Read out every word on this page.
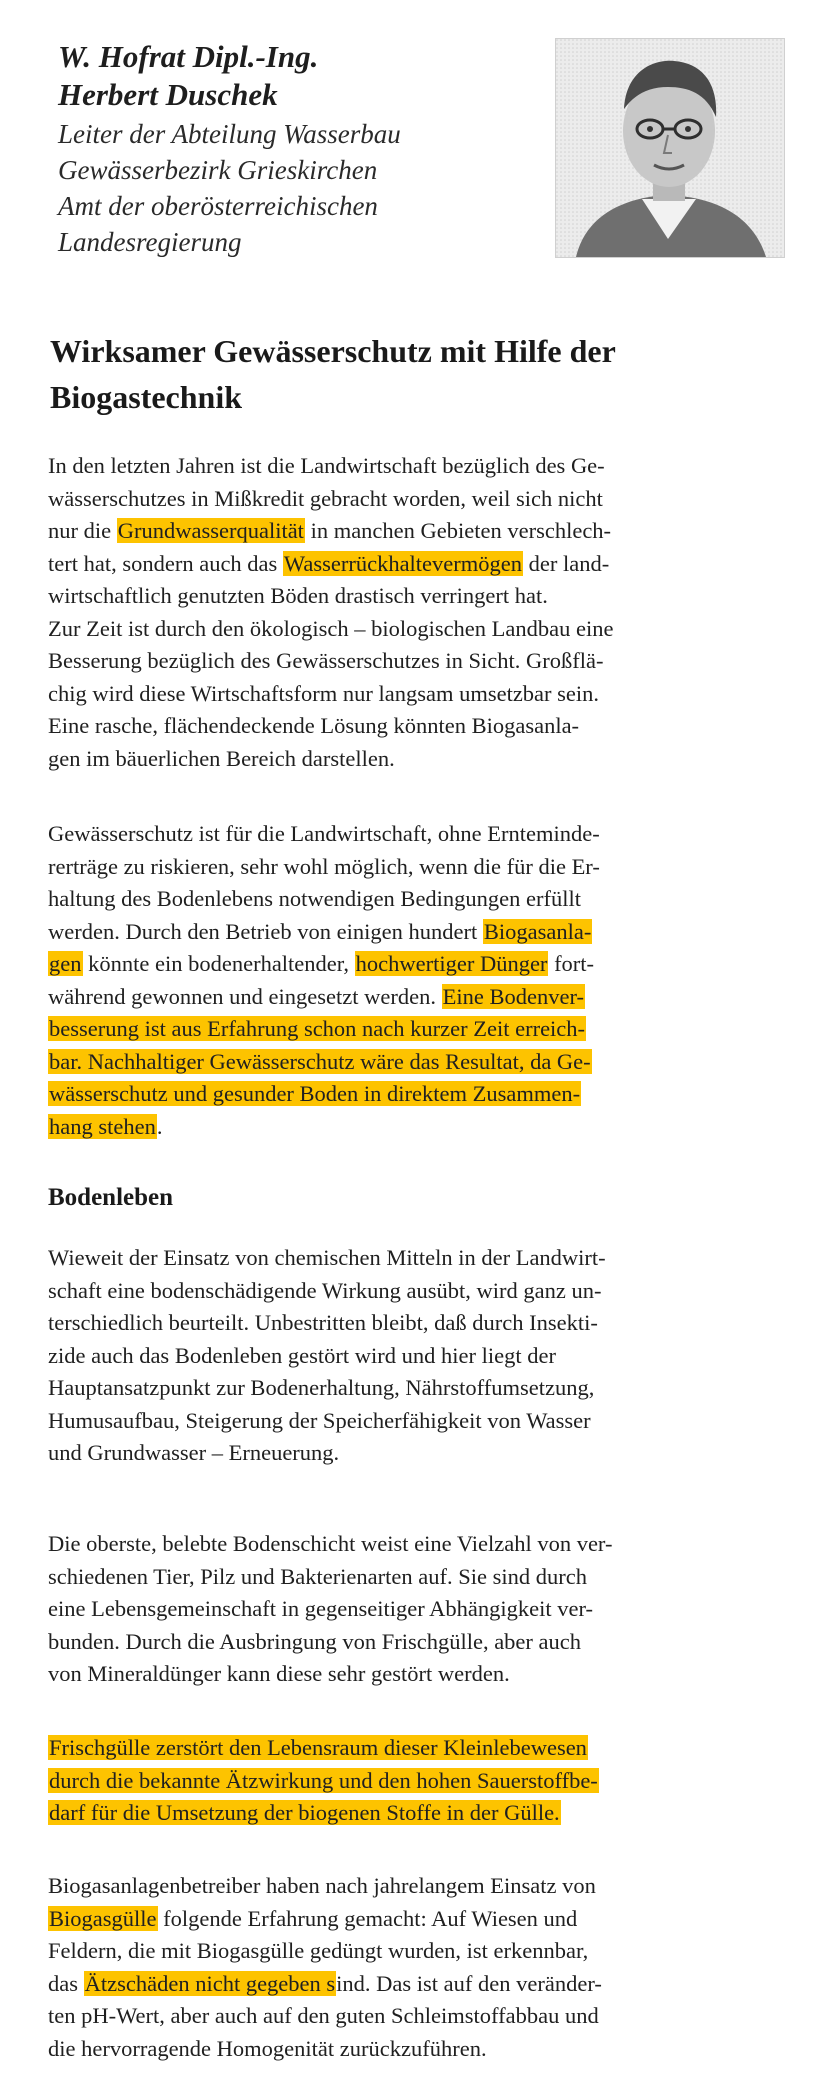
W. Hofrat Dipl.-Ing.
Herbert Duschek
Leiter der Abteilung Wasserbau
Gewässerbezirk Grieskirchen
Amt der oberösterreichischen
Landesregierung
Wirksamer Gewässerschutz mit Hilfe der Biogastechnik
In den letzten Jahren ist die Landwirtschaft bezüglich des Ge-
wässerschutzes in Mißkredit gebracht worden, weil sich nicht
nur die Grundwasserqualität in manchen Gebieten verschlech-
tert hat, sondern auch das Wasserrückhaltevermögen der land-
wirtschaftlich genutzten Böden drastisch verringert hat.
Zur Zeit ist durch den ökologisch – biologischen Landbau eine
Besserung bezüglich des Gewässerschutzes in Sicht. Großflä-
chig wird diese Wirtschaftsform nur langsam umsetzbar sein.
Eine rasche, flächendeckende Lösung könnten Biogasanla-
gen im bäuerlichen Bereich darstellen.
Gewässerschutz ist für die Landwirtschaft, ohne Ernteminde-
rerträge zu riskieren, sehr wohl möglich, wenn die für die Er-
haltung des Bodenlebens notwendigen Bedingungen erfüllt
werden. Durch den Betrieb von einigen hundert Biogasanla-
gen könnte ein bodenerhaltender, hochwertiger Dünger fort-
während gewonnen und eingesetzt werden. Eine Bodenver-
besserung ist aus Erfahrung schon nach kurzer Zeit erreich-
bar. Nachhaltiger Gewässerschutz wäre das Resultat, da Ge-
wässerschutz und gesunder Boden in direktem Zusammen-
hang stehen.
Bodenleben
Wieweit der Einsatz von chemischen Mitteln in der Landwirt-
schaft eine bodenschädigende Wirkung ausübt, wird ganz un-
terschiedlich beurteilt. Unbestritten bleibt, daß durch Insekti-
zide auch das Bodenleben gestört wird und hier liegt der
Hauptansatzpunkt zur Bodenerhaltung, Nährstoffumsetzung,
Humusaufbau, Steigerung der Speicherfähigkeit von Wasser
und Grundwasser – Erneuerung.
Die oberste, belebte Bodenschicht weist eine Vielzahl von ver-
schiedenen Tier, Pilz und Bakterienarten auf. Sie sind durch
eine Lebensgemeinschaft in gegenseitiger Abhängigkeit ver-
bunden. Durch die Ausbringung von Frischgülle, aber auch
von Mineraldünger kann diese sehr gestört werden.
Frischgülle zerstört den Lebensraum dieser Kleinlebewesen
durch die bekannte Ätzwirkung und den hohen Sauerstoffbe-
darf für die Umsetzung der biogenen Stoffe in der Gülle.
Biogasanlagenbetreiber haben nach jahrelangem Einsatz von
Biogasgülle folgende Erfahrung gemacht: Auf Wiesen und
Feldern, die mit Biogasgülle gedüngt wurden, ist erkennbar,
das Ätzschäden nicht gegeben sind. Das ist auf den veränder-
ten pH-Wert, aber auch auf den guten Schleimstoffabbau und
die hervorragende Homogenität zurückzuführen.
